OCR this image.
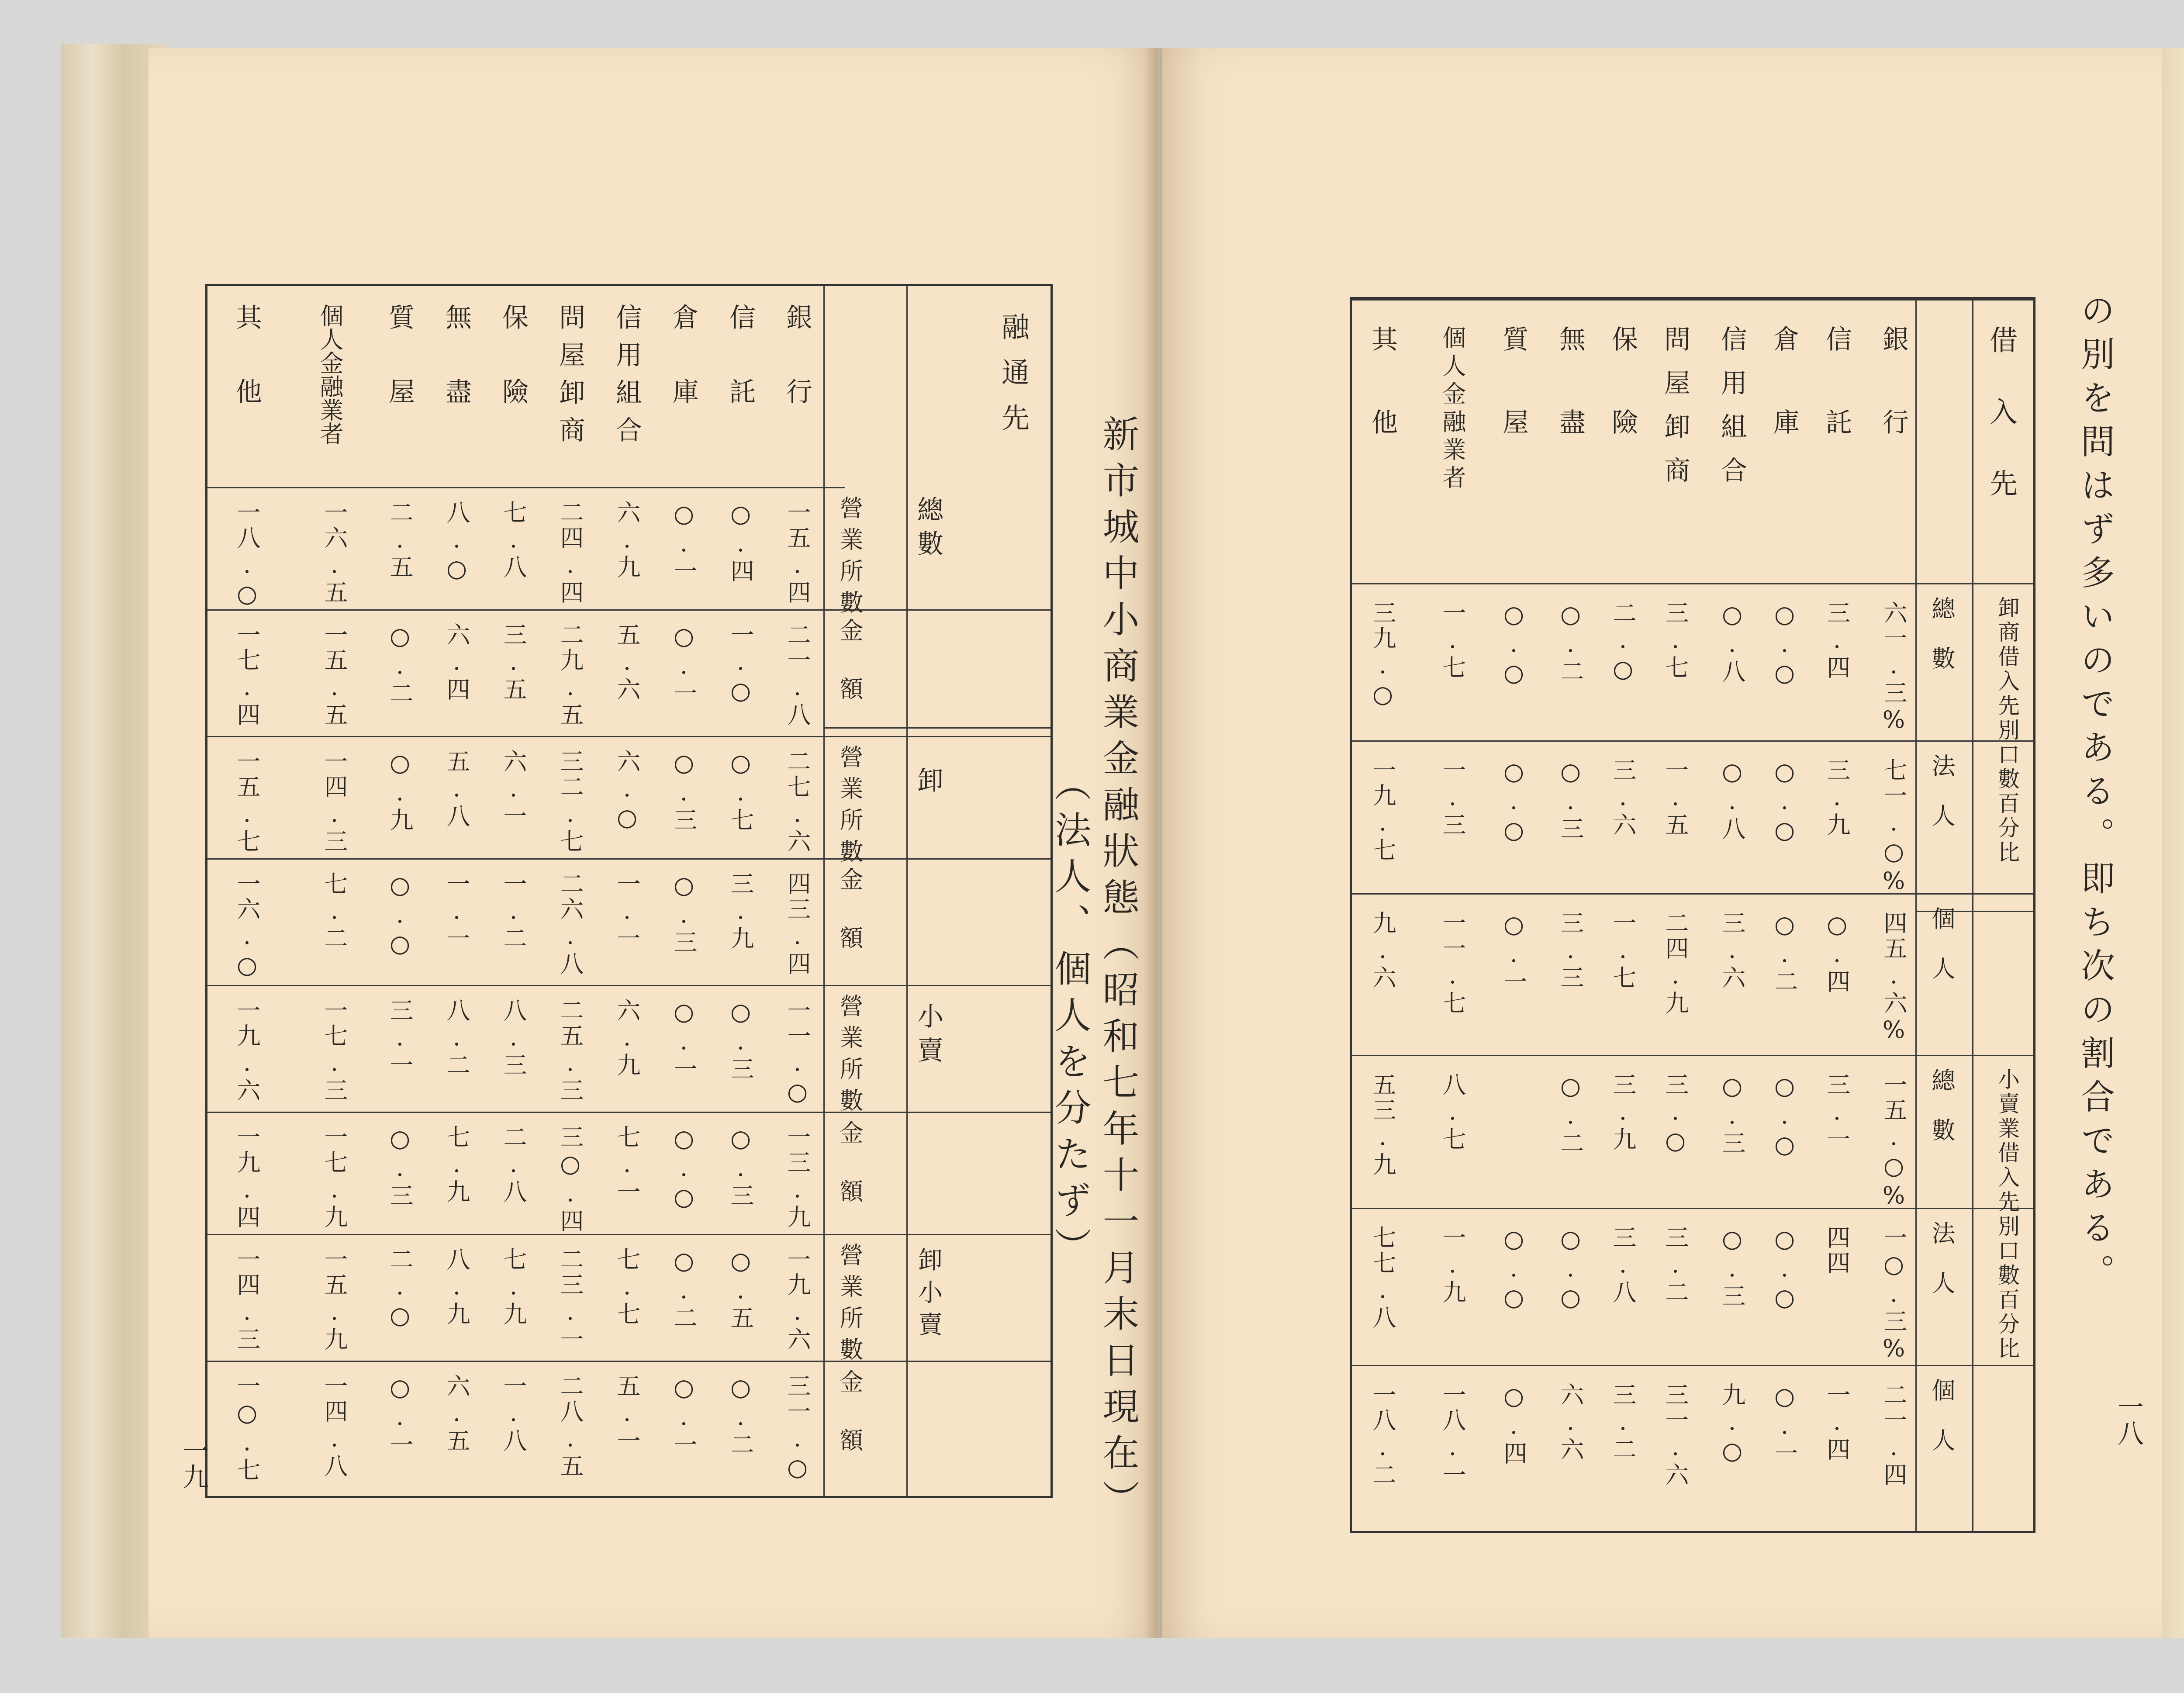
融通先
銀行
信託
倉庫
信用組合
問屋卸商
保險
無盡
質屋
個人金融業者
其他
總數
卸
小賣
卸小賣
營業所數
金額
營業所數
金額
營業所數
金額
營業所數
金額
一五.四
○.四
○.一
六.九
二四.四
七.八
八.○
二.五
一六.五
一八.○
二一.八
一.○
○.一
五.六
二九.五
三.五
六.四
○.二
一五.五
一七.四
二七.六
○.七
○.三
六.○
三二.七
六.一
五.八
○.九
一四.三
一五.七
四三.四
三.九
○.三
一.一
二六.八
一.二
一.一
○.○
七.二
一六.○
一一.○
○.三
○.一
六.九
二五.三
八.三
八.二
三.一
一七.三
一九.六
一三.九
○.三
○.○
七.一
三○.四
二.八
七.九
○.三
一七.九
一九.四
一九.六
○.五
○.二
七.七
二三.一
七.九
八.九
二.○
一五.九
一四.三
三一.○
○.二
○.一
五.一
二八.五
一.八
六.五
○.一
一四.八
一○.七	新市城中小商業金融狀態（昭和七年十一月末日現在）
（法人、個人を分たず）
一九
借入先
銀行
信託
倉庫
信用組合
問屋卸商
保險
無盡
質屋
個人金融業者
其他
卸商借入先別口數百分比
小賣業借入先別口數百分比
總數
法人
個人
總數
法人
個人
六一.三%
三.四
○.○
○.八
三.七
二.○
○.二
○.○
一.七
三九.○
七一.○%
三.九
○.○
○.八
一.五
三.六
○.三
○.○
一.三
一九.七
四五.六%
○.四
○.二
三.六
二四.九
一.七
三.三
○.一
一一.七
九.六
一五.○%
三.一
○.○
○.三
三.○
三.九
○.二
八.七
五三.九
一○.三%
四四
○.○
○.三
三.二
三.八
○.○
○.○
一.九
七七.八
二一.四
一.四
○.一
九.○
三一.六
三.二
六.六
○.四
一八.一
一八.二
の別を問はず多いのである。即ち次の割合である。
一八
